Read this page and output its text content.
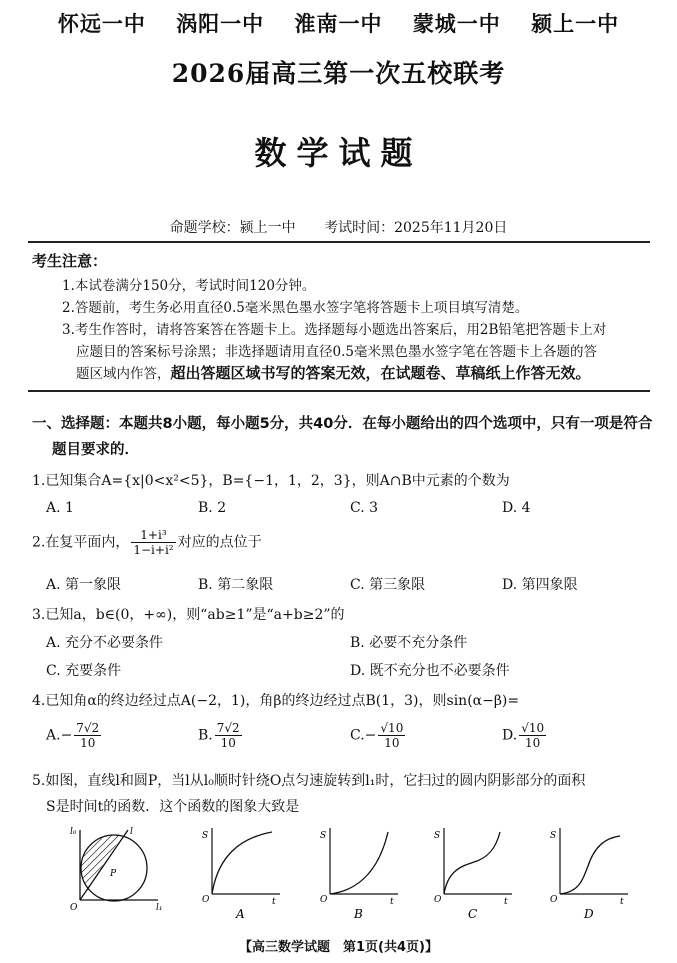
怀远一中 涡阳一中 淮南一中 蒙城一中 颍上一中
2026届高三第一次五校联考
数学试题
命题学校：颍上一中 考试时间：2025年11月20日
考生注意：
1.本试卷满分150分，考试时间120分钟。
2.答题前，考生务必用直径0.5毫米黑色墨水签字笔将答题卡上项目填写清楚。
3.考生作答时，请将答案答在答题卡上。选择题每小题选出答案后，用2B铅笔把答题卡上对
应题目的答案标号涂黑；非选择题请用直径0.5毫米黑色墨水签字笔在答题卡上各题的答
题区域内作答，超出答题区域书写的答案无效，在试题卷、草稿纸上作答无效。
一、选择题：本题共8小题，每小题5分，共40分．在每小题给出的四个选项中，只有一项是符合
题目要求的．
1.已知集合A={x|0<x²<5}，B={−1，1，2，3}，则A∩B中元素的个数为
A. 1	B. 2	C. 3	D. 4
2.在复平面内， $\frac{\text{1+i³}}{\text{1−i+i²}}$ 对应的点位于
A. 第一象限	B. 第二象限	C. 第三象限	D. 第四象限
3.已知a，b∈(0，+∞)，则“ab≥1”是“a+b≥2”的
A. 充分不必要条件	B. 必要不充分条件
C. 充要条件	D. 既不充分也不必要条件
4.已知角α的终边经过点A(−2，1)，角β的终边经过点B(1，3)，则sin(α−β)=
$A.- \frac{7√2}{10}$	B. $\frac{7√2}{10}$	$C.- \frac{√10}{10}$	D. $\frac{√10}{10}$
5.如图，直线l和圆P，当l从l₀顺时针绕O点匀速旋转到l₁时，它扫过的圆内阴影部分的面积
S是时间t的函数．这个函数的图象大致是
l₀	l
l₁
P
O
S
O	t
A
S
O	t
B
S
O	t
C
S
O	t
D
【高三数学试题　第1页(共4页)】
